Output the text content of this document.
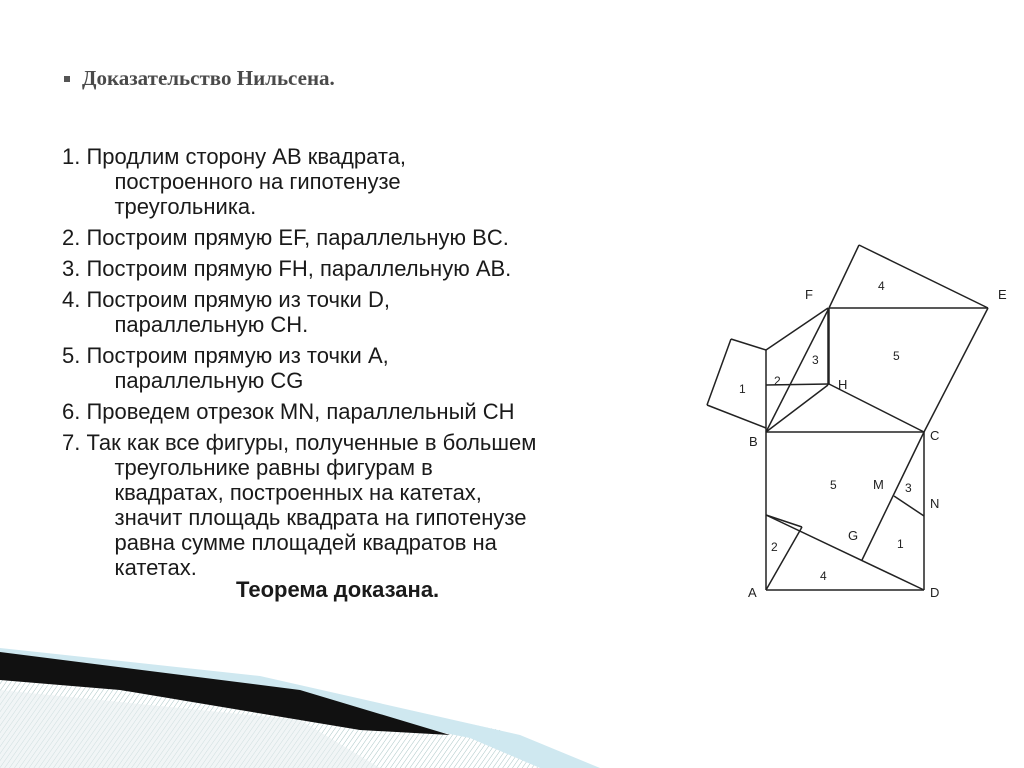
Доказательство Нильсена.
1.
Продлим сторону АВ квадрата,
построенного на гипотенузе
треугольника.
2.
Построим прямую EF, параллельную BC.
3.
Построим прямую FH, параллельную AB.
4.
Построим прямую из точки D,
параллельную CH.
5.
Построим прямую из точки А,
параллельную CG
6.
Проведем отрезок MN, параллельный CH
7.
Так как все фигуры, полученные в большем
треугольнике равны фигурам в
квадратах, построенных на катетах,
значит площадь квадрата на гипотенузе
равна сумме площадей квадратов на
катетах.
Теорема доказана.
F	E
H
B	C
M
N
G
A	D
1
2
3
4
5
5	3
1
2
4
